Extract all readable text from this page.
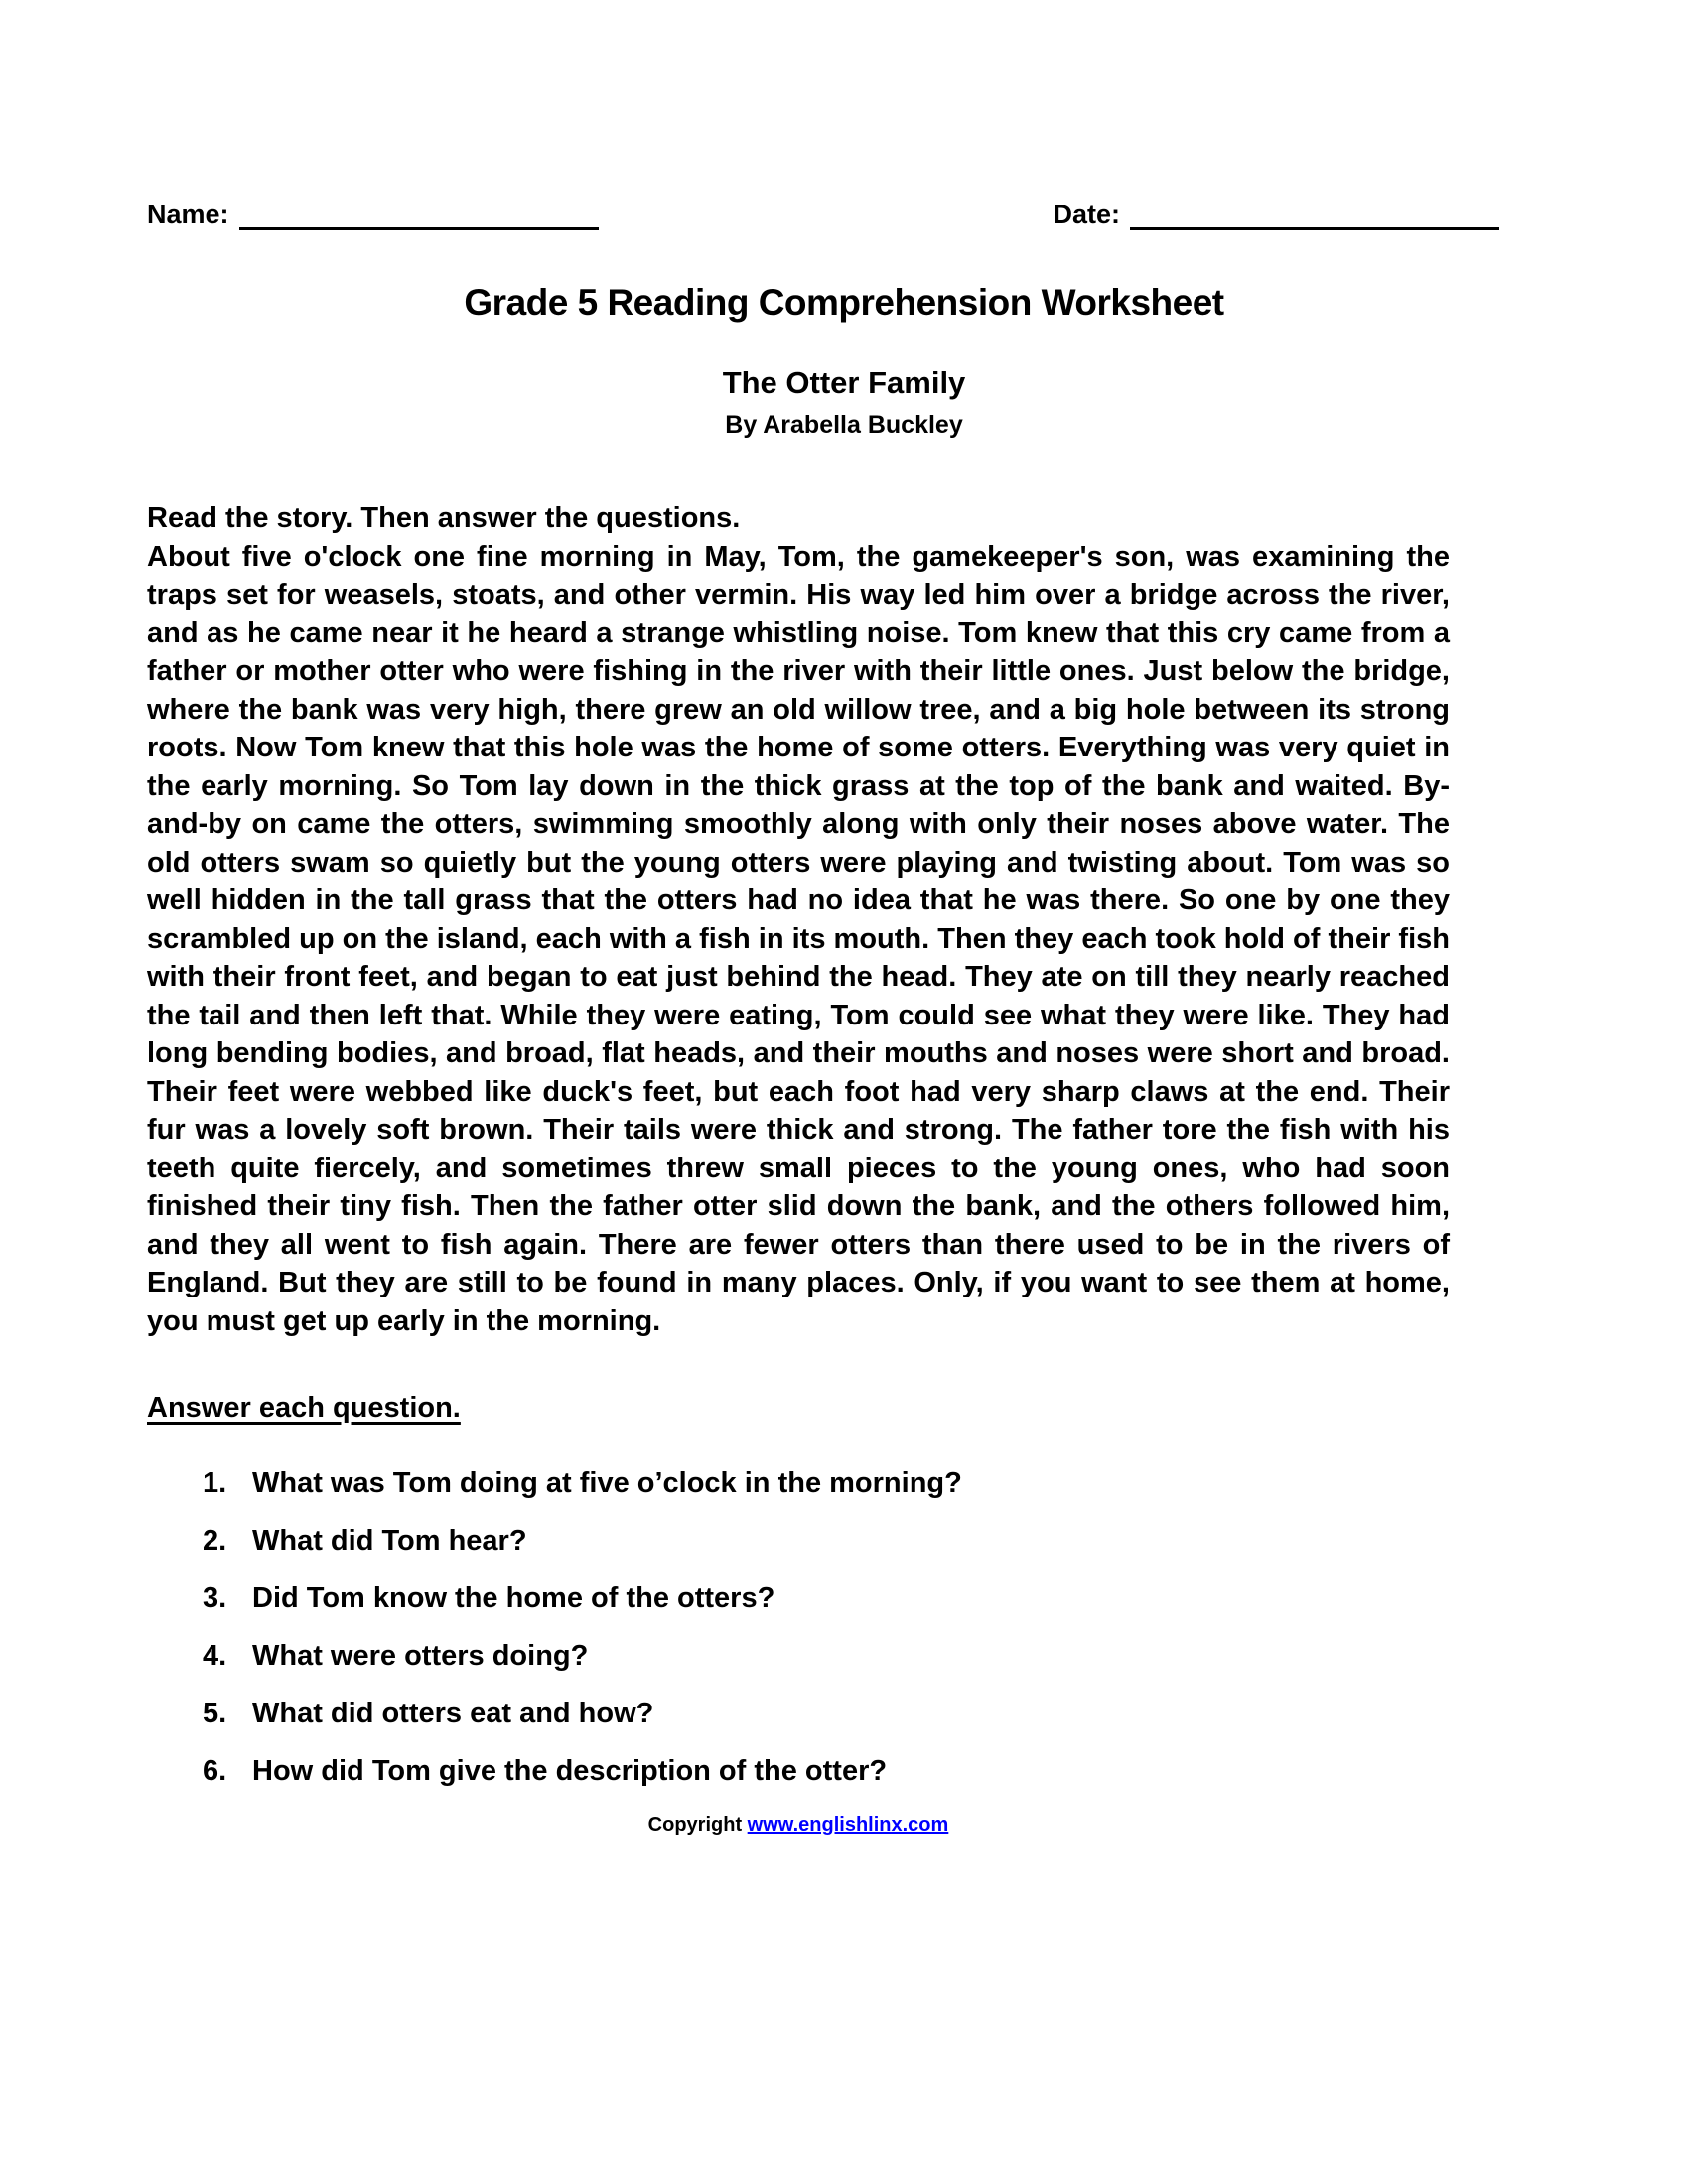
Name:	Date:
Grade 5 Reading Comprehension Worksheet
The Otter Family
By Arabella Buckley
Read the story. Then answer the questions.
About five o'clock one fine morning in May, Tom, the gamekeeper's son, was examining the traps set for weasels, stoats, and other vermin. His way led him over a bridge across the river, and as he came near it he heard a strange whistling noise. Tom knew that this cry came from a father or mother otter who were fishing in the river with their little ones. Just below the bridge, where the bank was very high, there grew an old willow tree, and a big hole between its strong roots. Now Tom knew that this hole was the home of some otters. Everything was very quiet in the early morning. So Tom lay down in the thick grass at the top of the bank and waited. By-and-by on came the otters, swimming smoothly along with only their noses above water. The old otters swam so quietly but the young otters were playing and twisting about. Tom was so well hidden in the tall grass that the otters had no idea that he was there. So one by one they scrambled up on the island, each with a fish in its mouth. Then they each took hold of their fish with their front feet, and began to eat just behind the head. They ate on till they nearly reached the tail and then left that. While they were eating, Tom could see what they were like. They had long bending bodies, and broad, flat heads, and their mouths and noses were short and broad. Their feet were webbed like duck's feet, but each foot had very sharp claws at the end. Their fur was a lovely soft brown. Their tails were thick and strong. The father tore the fish with his teeth quite fiercely, and sometimes threw small pieces to the young ones, who had soon finished their tiny fish. Then the father otter slid down the bank, and the others followed him, and they all went to fish again. There are fewer otters than there used to be in the rivers of England. But they are still to be found in many places. Only, if you want to see them at home, you must get up early in the morning.
Answer each question.
1. What was Tom doing at five o’clock in the morning?
2. What did Tom hear?
3. Did Tom know the home of the otters?
4. What were otters doing?
5. What did otters eat and how?
6. How did Tom give the description of the otter?
Copyright www.englishlinx.com
